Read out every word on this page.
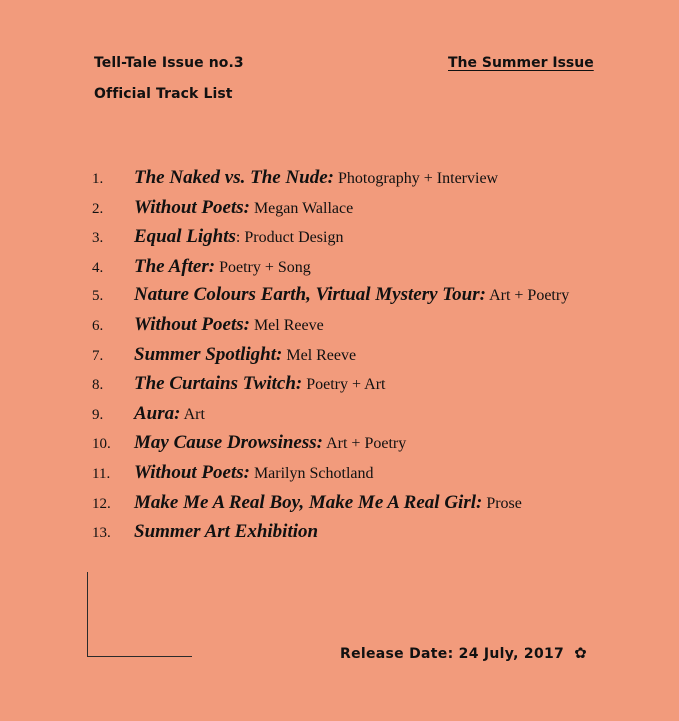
Tell-Tale Issue no.3
Official Track List
The Summer Issue
1.	The Naked vs. The Nude: Photography + Interview
2.	Without Poets: Megan Wallace
3.	Equal Lights: Product Design
4.	The After: Poetry + Song
5.	Nature Colours Earth, Virtual Mystery Tour: Art + Poetry
6.	Without Poets: Mel Reeve
7.	Summer Spotlight: Mel Reeve
8.	The Curtains Twitch: Poetry + Art
9.	Aura: Art
10.	May Cause Drowsiness: Art + Poetry
11.	Without Poets: Marilyn Schotland
12.	Make Me A Real Boy, Make Me A Real Girl: Prose
13.	Summer Art Exhibition
Release Date: 24 July, 2017 ✿
